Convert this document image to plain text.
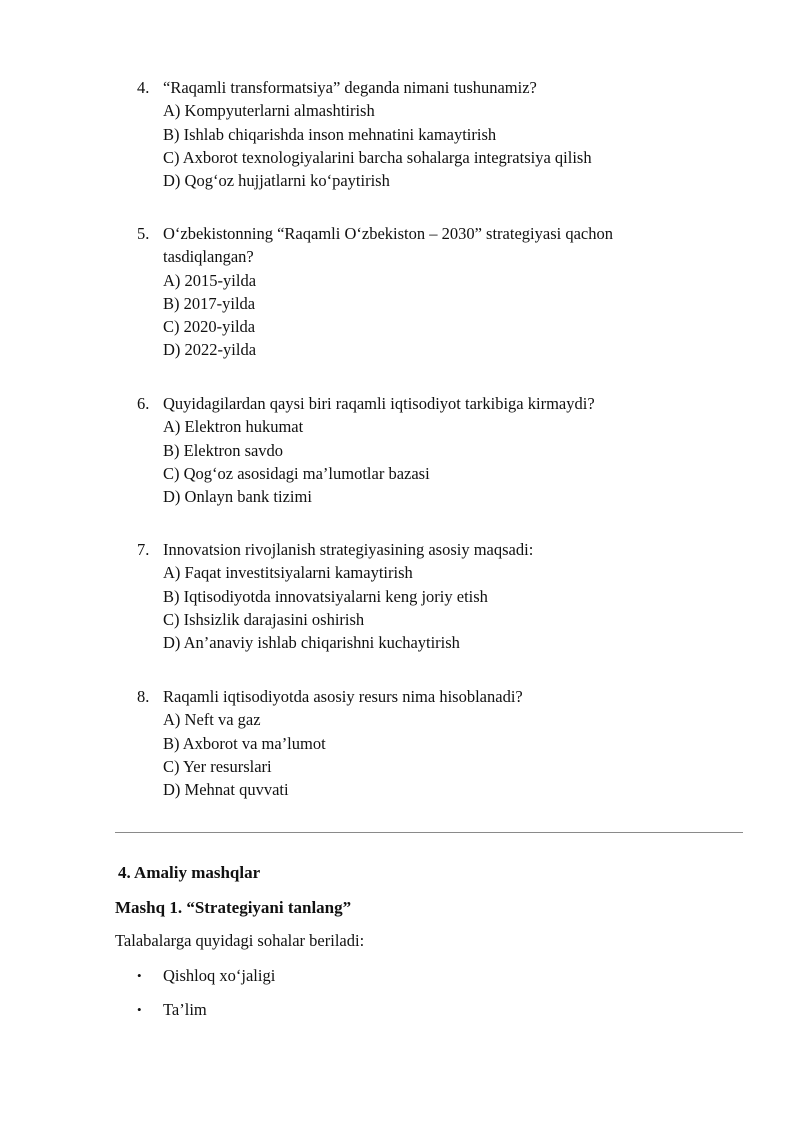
4. “Raqamli transformatsiya” deganda nimani tushunamiz?
A) Kompyuterlarni almashtirish
B) Ishlab chiqarishda inson mehnatini kamaytirish
C) Axborot texnologiyalarini barcha sohalarga integratsiya qilish
D) Qog‘oz hujjatlarni ko‘paytirish
5. O‘zbekistonning “Raqamli O‘zbekiston – 2030” strategiyasi qachon tasdiqlangan?
A) 2015-yilda
B) 2017-yilda
C) 2020-yilda
D) 2022-yilda
6. Quyidagilardan qaysi biri raqamli iqtisodiyot tarkibiga kirmaydi?
A) Elektron hukumat
B) Elektron savdo
C) Qog‘oz asosidagi ma’lumotlar bazasi
D) Onlayn bank tizimi
7. Innovatsion rivojlanish strategiyasining asosiy maqsadi:
A) Faqat investitsiyalarni kamaytirish
B) Iqtisodiyotda innovatsiyalarni keng joriy etish
C) Ishsizlik darajasini oshirish
D) An’anaviy ishlab chiqarishni kuchaytirish
8. Raqamli iqtisodiyotda asosiy resurs nima hisoblanadi?
A) Neft va gaz
B) Axborot va ma’lumot
C) Yer resurslari
D) Mehnat quvvati
4. Amaliy mashqlar
Mashq 1. “Strategiyani tanlang”
Talabalarga quyidagi sohalar beriladi:
• Qishloq xo‘jaligi
• Ta’lim
